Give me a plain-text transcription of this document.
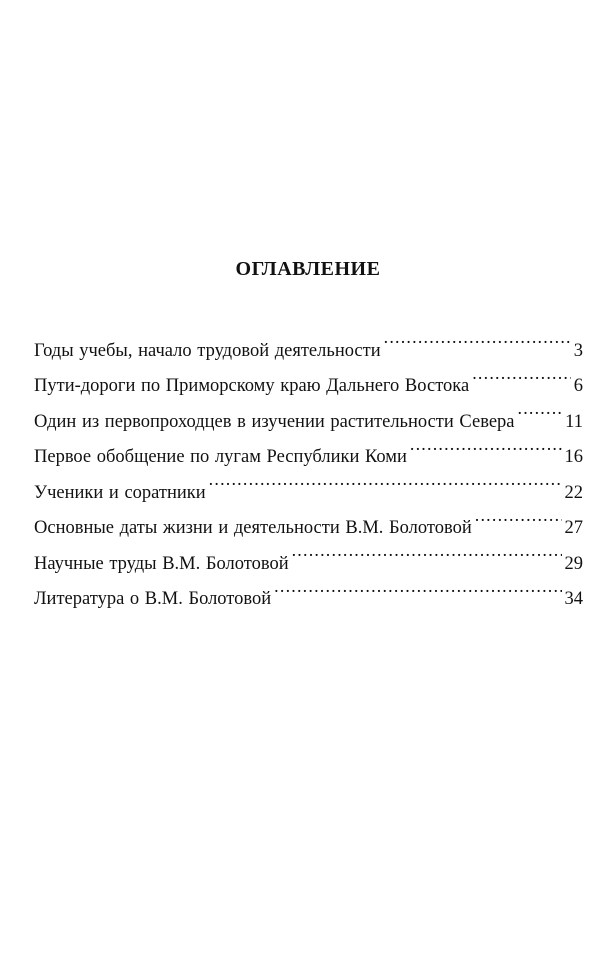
ОГЛАВЛЕНИЕ
Годы учебы, начало трудовой деятельности .....	3
Пути-дороги по Приморскому краю Дальнего Востока .....	6
Один из первопроходцев в изучении растительности Севера .....	11
Первое обобщение по лугам Республики Коми .....	16
Ученики и соратники .....	22
Основные даты жизни и деятельности В.М. Болотовой .....	27
Научные труды В.М. Болотовой .....	29
Литература о В.М. Болотовой .....	34
